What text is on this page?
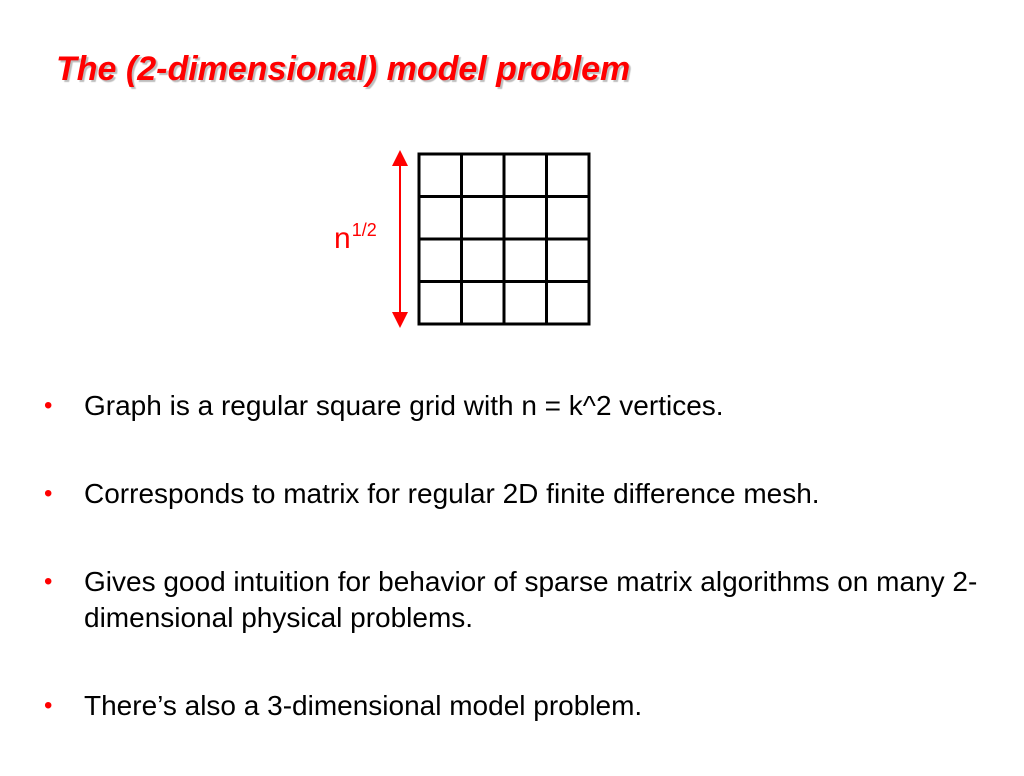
The (2-dimensional) model problem
$n^{1/2}$
• Graph is a regular square grid with n = k^2 vertices.
• Corresponds to matrix for regular 2D finite difference mesh.
• Gives good intuition for behavior of sparse matrix algorithms on many 2-dimensional physical problems.
• There’s also a 3-dimensional model problem.
